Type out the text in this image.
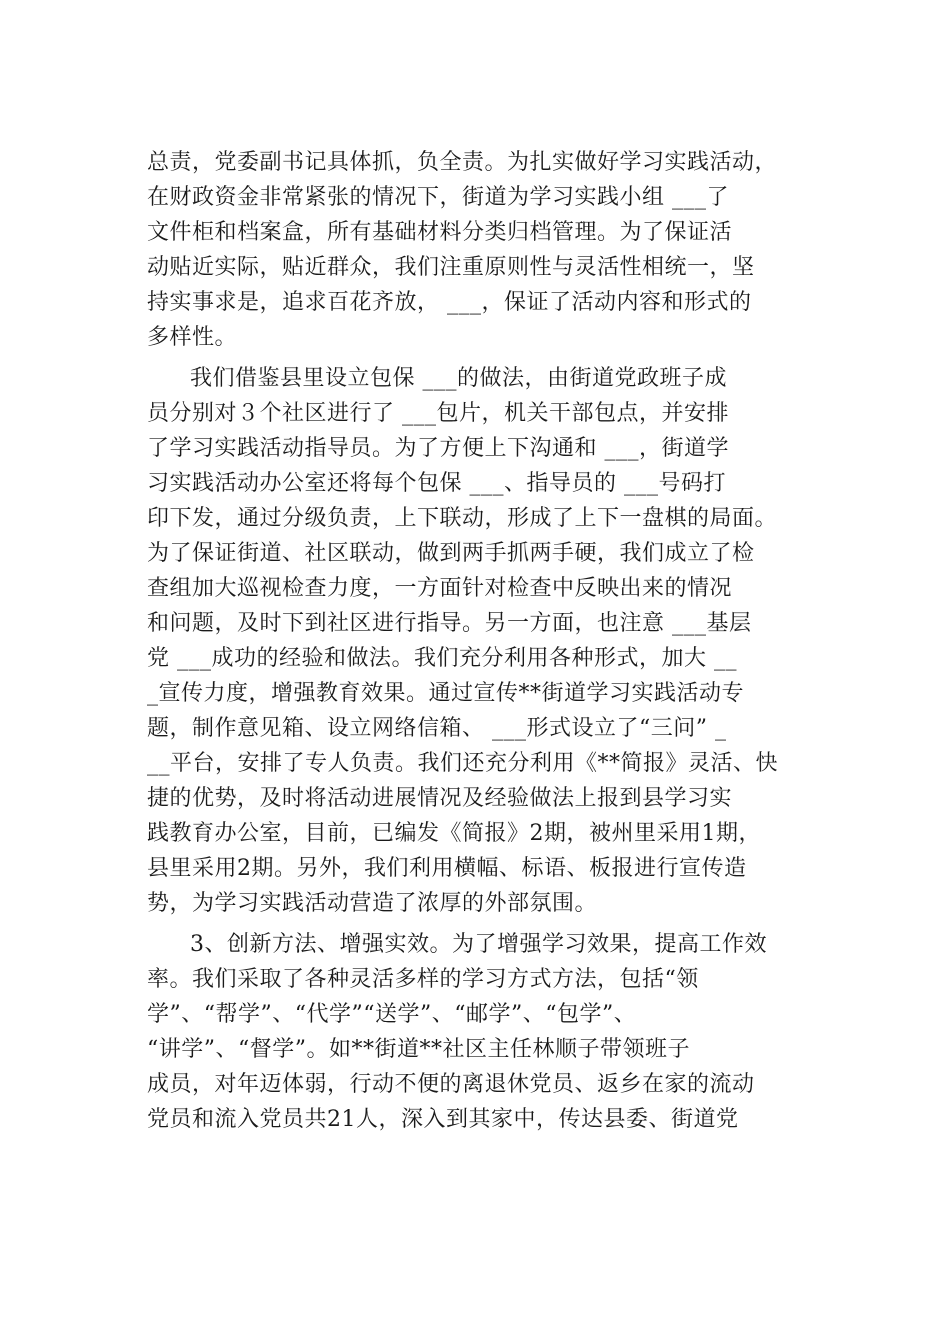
总责，党委副书记具体抓，负全责。为扎实做好学习实践活动，
在财政资金非常紧张的情况下，街道为学习实践小组 ___了
文件柜和档案盒，所有基础材料分类归档管理。为了保证活
动贴近实际，贴近群众，我们注重原则性与灵活性相统一，坚
持实事求是，追求百花齐放， ___，保证了活动内容和形式的
多样性。
我们借鉴县里设立包保 ___的做法，由街道党政班子成
员分别对３个社区进行了 ___包片，机关干部包点，并安排
了学习实践活动指导员。为了方便上下沟通和 ___，街道学
习实践活动办公室还将每个包保 ___、指导员的 ___号码打
印下发，通过分级负责，上下联动，形成了上下一盘棋的局面。
为了保证街道、社区联动，做到两手抓两手硬，我们成立了检
查组加大巡视检查力度，一方面针对检查中反映出来的情况
和问题，及时下到社区进行指导。另一方面，也注意 ___基层
党 ___成功的经验和做法。我们充分利用各种形式，加大 __
_宣传力度，增强教育效果。通过宣传**街道学习实践活动专
题，制作意见箱、设立网络信箱、 ___形式设立了“三问” _
__平台，安排了专人负责。我们还充分利用《**简报》灵活、快
捷的优势，及时将活动进展情况及经验做法上报到县学习实
践教育办公室，目前，已编发《简报》2期，被州里采用1期，
县里采用2期。另外，我们利用横幅、标语、板报进行宣传造
势，为学习实践活动营造了浓厚的外部氛围。
3、创新方法、增强实效。为了增强学习效果，提高工作效
率。我们采取了各种灵活多样的学习方式方法，包括“领
学”、“帮学”、“代学”“送学”、“邮学”、“包学”、
“讲学”、“督学”。如**街道**社区主任林顺子带领班子
成员，对年迈体弱，行动不便的离退休党员、返乡在家的流动
党员和流入党员共21人，深入到其家中，传达县委、街道党
